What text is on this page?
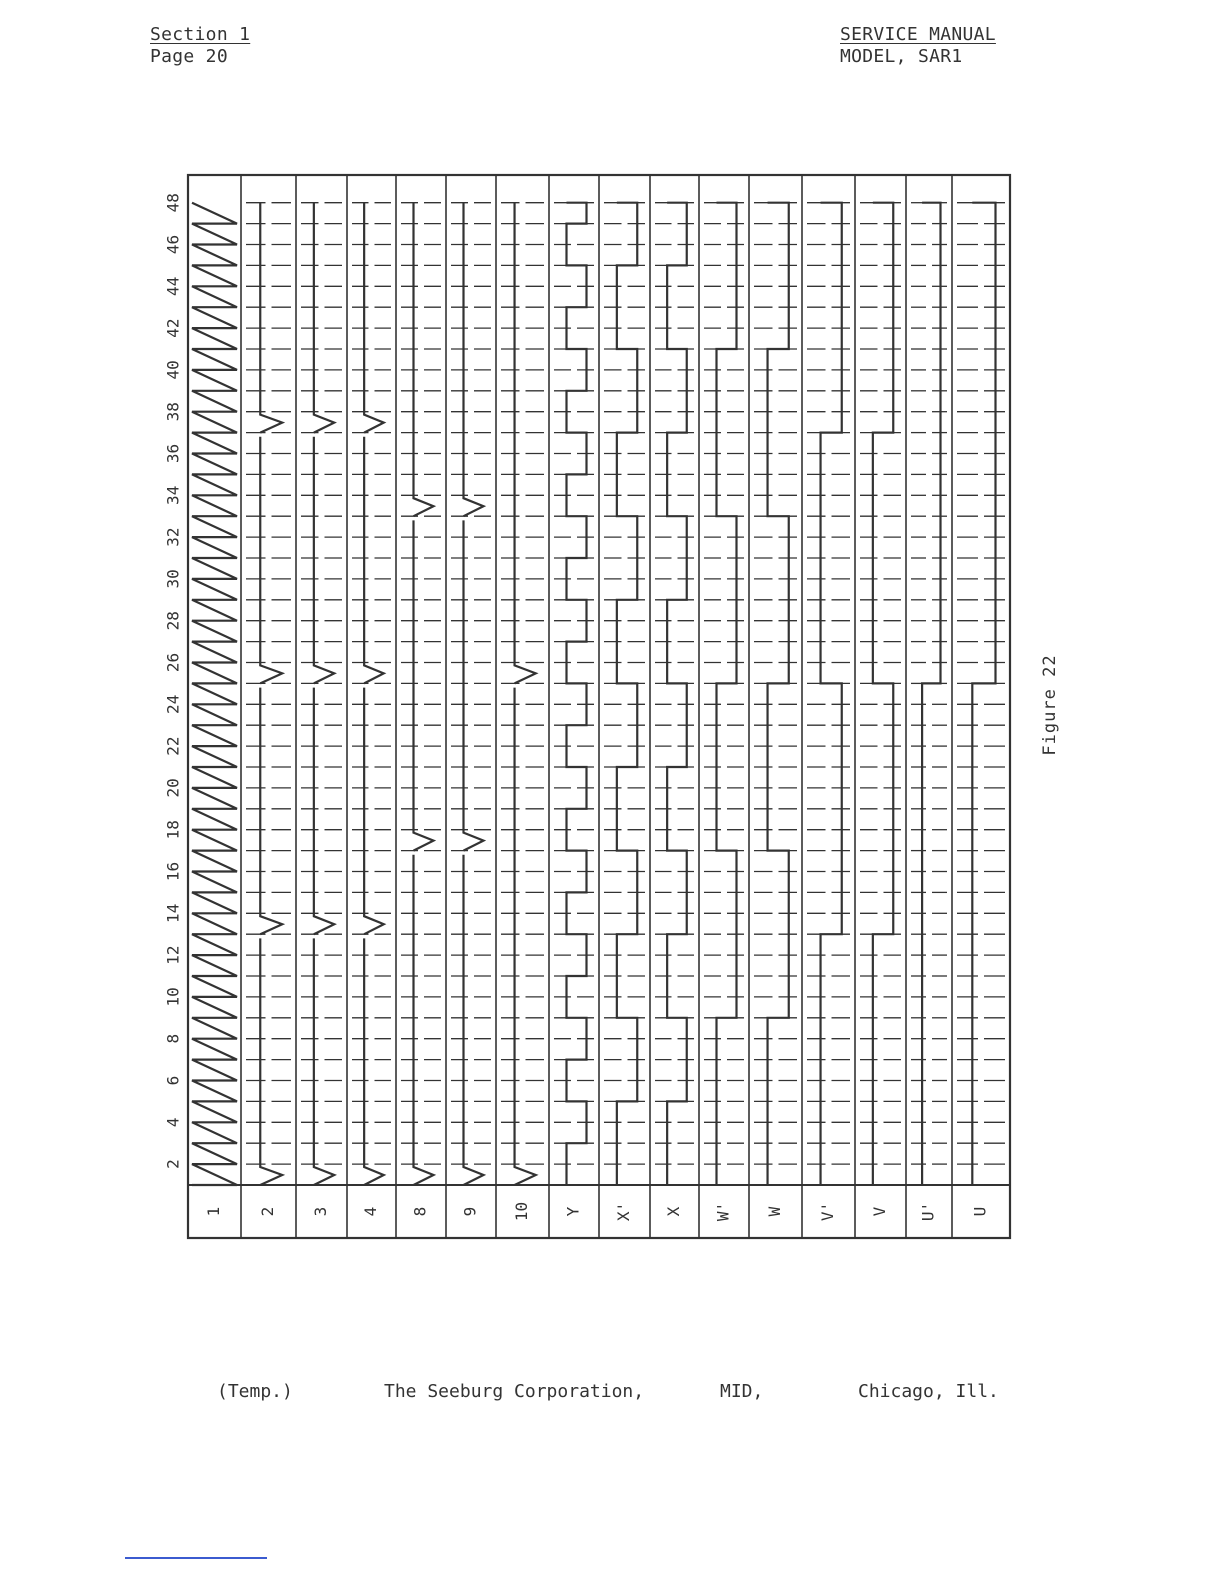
Section 1
Page 20
SERVICE MANUAL
MODEL, SAR1
2
4
6
8
10
12
14
16
18
20
22
24
26
28
30
32
34
36
38
40
42
44
46
48
1 2 3 4 8 9 10 Y X' X W' W V' V U' U
Figure 22
(Temp.)	The Seeburg Corporation,	MID,	Chicago, Ill.
